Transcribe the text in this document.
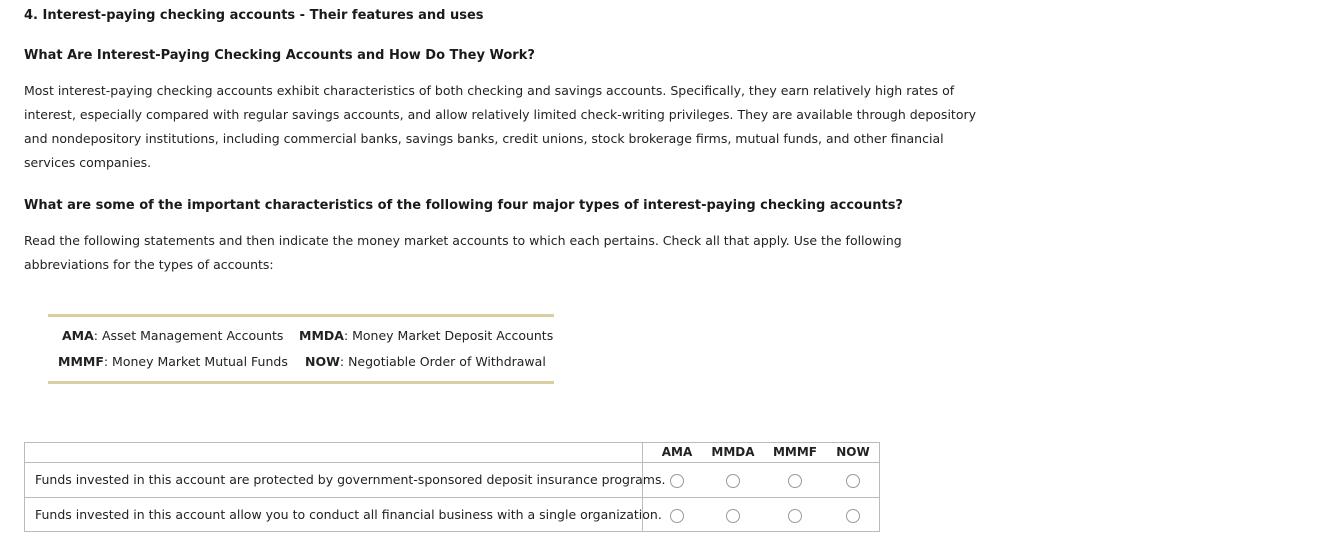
4. Interest-paying checking accounts - Their features and uses
What Are Interest-Paying Checking Accounts and How Do They Work?
Most interest-paying checking accounts exhibit characteristics of both checking and savings accounts. Specifically, they earn relatively high rates of
interest, especially compared with regular savings accounts, and allow relatively limited check-writing privileges. They are available through depository
and nondepository institutions, including commercial banks, savings banks, credit unions, stock brokerage firms, mutual funds, and other financial
services companies.
What are some of the important characteristics of the following four major types of interest-paying checking accounts?
Read the following statements and then indicate the money market accounts to which each pertains. Check all that apply. Use the following
abbreviations for the types of accounts:
AMA: Asset Management Accounts MMDA: Money Market Deposit Accounts
MMMF: Money Market Mutual Funds NOW: Negotiable Order of Withdrawal
AMA	MMDA	MMMF	NOW
Funds invested in this account are protected by government-sponsored deposit insurance programs.
Funds invested in this account allow you to conduct all financial business with a single organization.
